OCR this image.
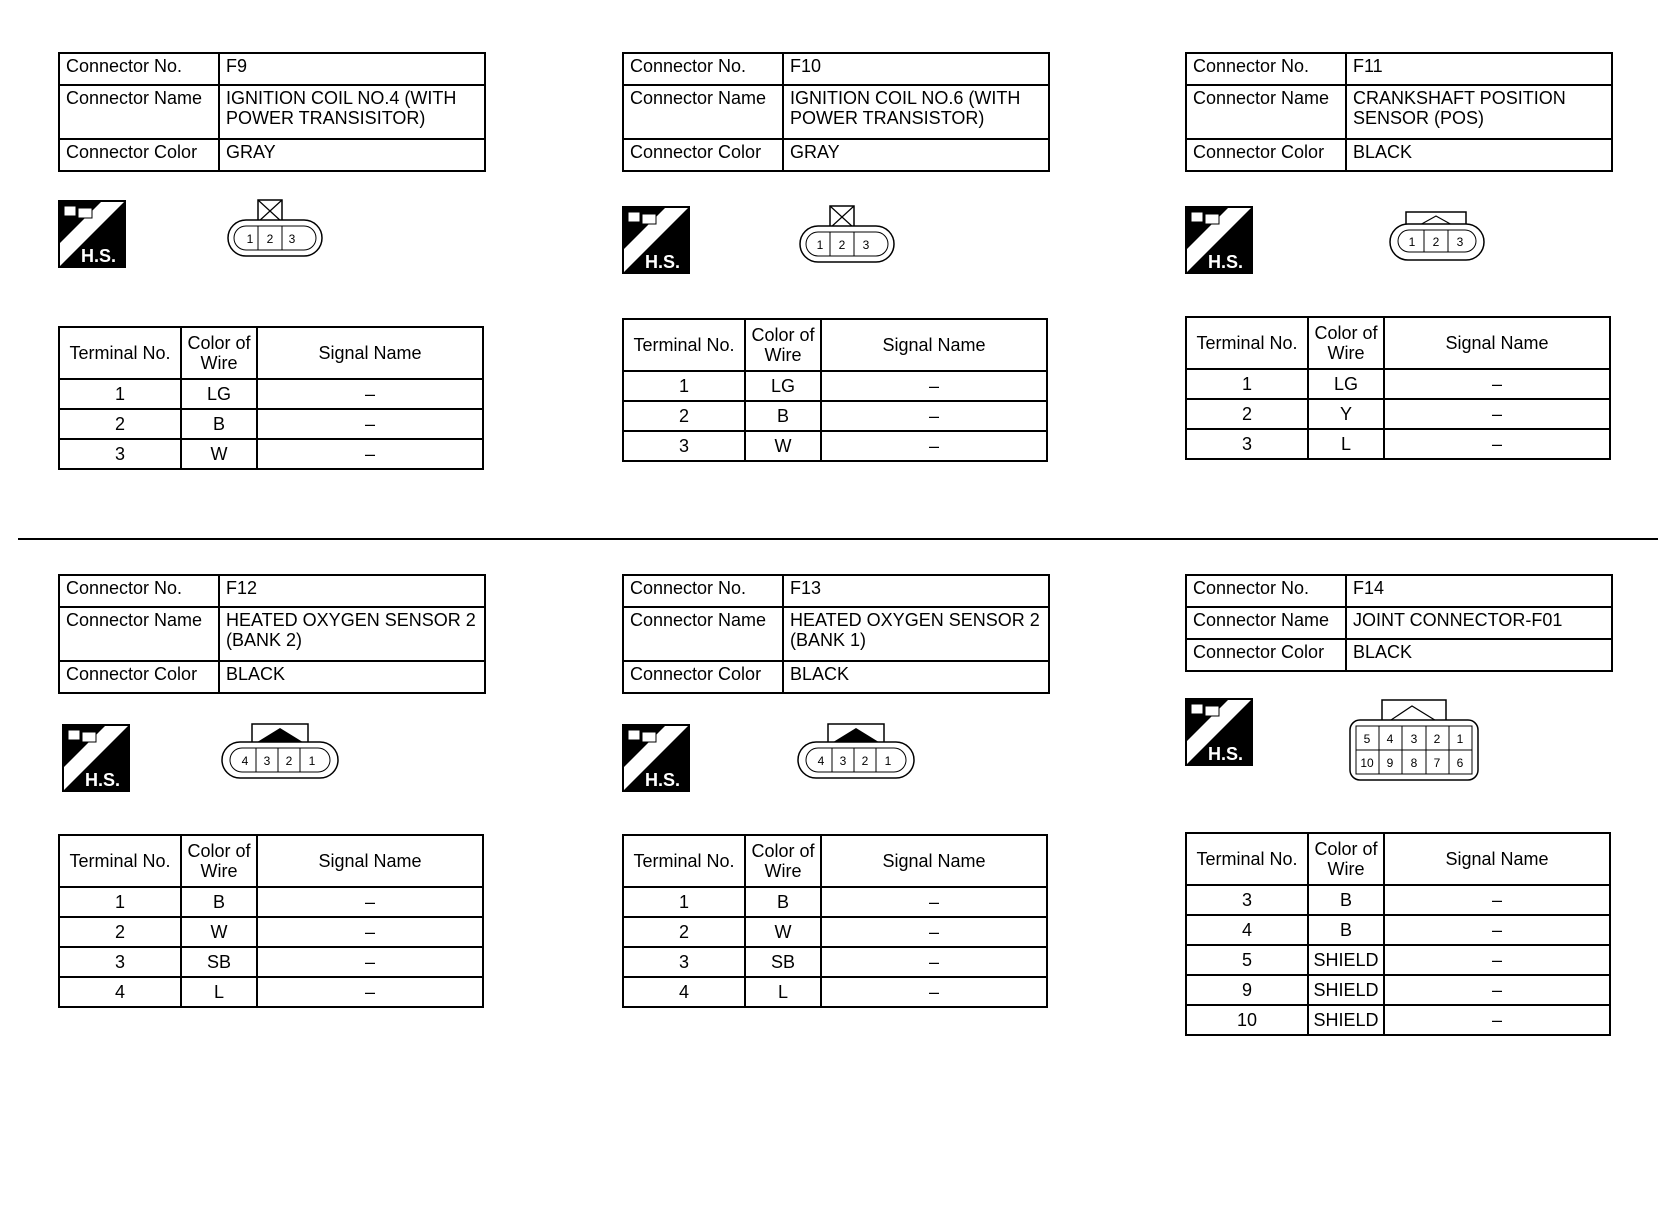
Connector No.	F9
Connector Name	IGNITION COIL NO.4 (WITH POWER TRANSISITOR)
Connector Color	GRAY
H.S.
1 2 3
Terminal No.	Color of Wire	Signal Name
1	LG	–
2	B	–
3	W	–
Connector No.	F10
Connector Name	IGNITION COIL NO.6 (WITH POWER TRANSISTOR)
Connector Color	GRAY
H.S.
1 2 3
Terminal No.	Color of Wire	Signal Name
1	LG	–
2	B	–
3	W	–
Connector No.	F11
Connector Name	CRANKSHAFT POSITION SENSOR (POS)
Connector Color	BLACK
H.S.
1 2 3
Terminal No.	Color of Wire	Signal Name
1	LG	–
2	Y	–
3	L	–
Connector No.	F12
Connector Name	HEATED OXYGEN SENSOR 2 (BANK 2)
Connector Color	BLACK
H.S.
4 3 2 1
Terminal No.	Color of Wire	Signal Name
1	B	–
2	W	–
3	SB	–
4	L	–
Connector No.	F13
Connector Name	HEATED OXYGEN SENSOR 2 (BANK 1)
Connector Color	BLACK
H.S.
4 3 2 1
Terminal No.	Color of Wire	Signal Name
1	B	–
2	W	–
3	SB	–
4	L	–
Connector No.	F14
Connector Name	JOINT CONNECTOR-F01
Connector Color	BLACK
H.S.
5 4 3 2 1
10 9 8 7 6
Terminal No.	Color of Wire	Signal Name
3	B	–
4	B	–
5	SHIELD	–
9	SHIELD	–
10	SHIELD	–
